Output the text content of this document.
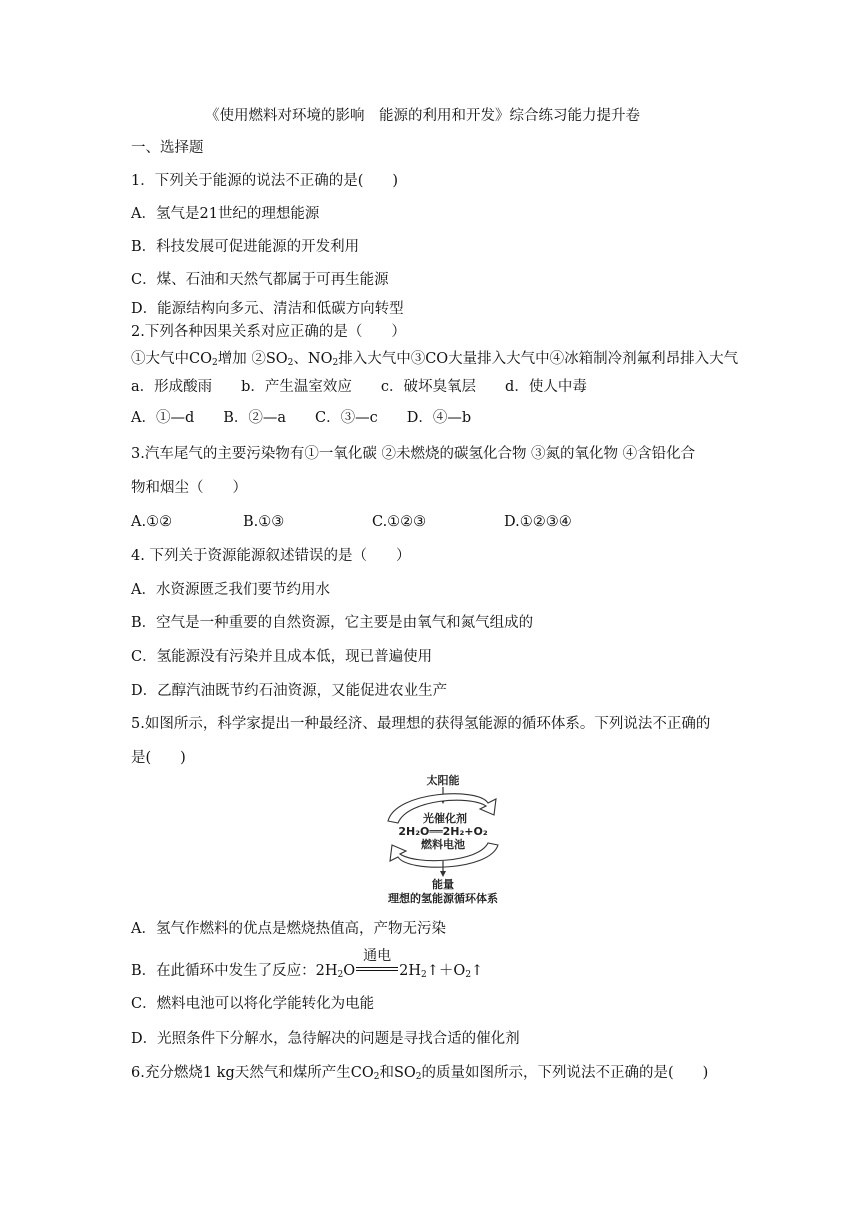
《使用燃料对环境的影响　能源的利用和开发》综合练习能力提升卷
一、选择题
1．下列关于能源的说法不正确的是(　　)
A．氢气是21世纪的理想能源
B．科技发展可促进能源的开发利用
C．煤、石油和天然气都属于可再生能源
D．能源结构向多元、清洁和低碳方向转型
2.下列各种因果关系对应正确的是（　　）
①大气中$CO_2$增加 $②SO_2$、$NO_2$排入大气中③CO大量排入大气中④冰箱制冷剂氟利昂排入大气
a．形成酸雨　　b．产生温室效应　　c．破坏臭氧层　　d．使人中毒
A．①—d　　B．②—a　　C．③—c　　D．④—b
3.汽车尾气的主要污染物有①一氧化碳 ②未燃烧的碳氢化合物 ③氮的氧化物 ④含铅化合
物和烟尘（　　）
A.①②	B.①③	C.①②③	D.①②③④
4. 下列关于资源能源叙述错误的是（　　）
A．水资源匮乏我们要节约用水
B．空气是一种重要的自然资源，它主要是由氧气和氮气组成的
C．氢能源没有污染并且成本低，现已普遍使用
D．乙醇汽油既节约石油资源，又能促进农业生产
5.如图所示，科学家提出一种最经济、最理想的获得氢能源的循环体系。下列说法不正确的
是(　　)
太阳能
光催化剂
2H₂O══2H₂+O₂
燃料电池
能量
理想的氢能源循环体系
A．氢气作燃料的优点是燃烧热值高，产物无污染
B．在此循环中发生了反应：$2H_2O$
通电
$2H_2↑+O_2↑$
C．燃料电池可以将化学能转化为电能
D．光照条件下分解水，急待解决的问题是寻找合适的催化剂
6.充分燃烧1 kg天然气和煤所产生$CO_2$和$SO_2$的质量如图所示，下列说法不正确的是(　　)
